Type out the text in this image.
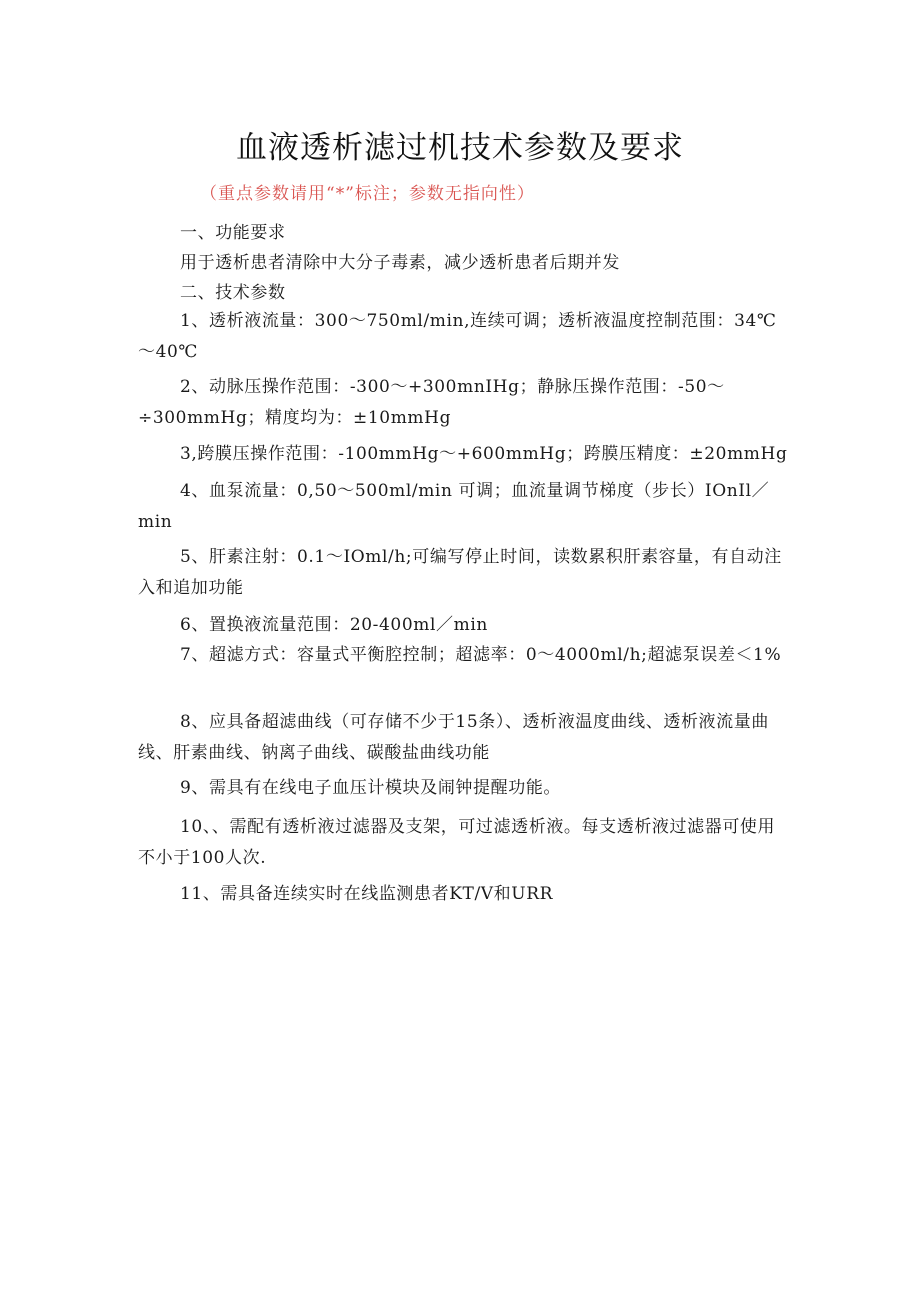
血液透析滤过机技术参数及要求
（重点参数请用“*”标注；参数无指向性）
一、功能要求
用于透析患者清除中大分子毒素，减少透析患者后期并发
二、技术参数
1、透析液流量：300～750ml/min,连续可调；透析液温度控制范围：34℃～40℃
2、动脉压操作范围：-300～+300mnIHg；静脉压操作范围：-50～÷300mmHg；精度均为：±10mmHg
3,跨膜压操作范围：-100mmHg～+600mmHg；跨膜压精度：±20mmHg
4、血泵流量：0,50～500ml/min 可调；血流量调节梯度（步长）IOnIl／min
5、肝素注射：0.1～IOml/h;可编写停止时间，读数累积肝素容量，有自动注入和追加功能
6、置换液流量范围：20-400ml／min
7、超滤方式：容量式平衡腔控制；超滤率：0～4000ml/h;超滤泵误差＜1%
8、应具备超滤曲线（可存储不少于15条）、透析液温度曲线、透析液流量曲线、肝素曲线、钠离子曲线、碳酸盐曲线功能
9、需具有在线电子血压计模块及闹钟提醒功能。
10、、需配有透析液过滤器及支架，可过滤透析液。每支透析液过滤器可使用不小于100人次.
11、需具备连续实时在线监测患者KT/V和URR
